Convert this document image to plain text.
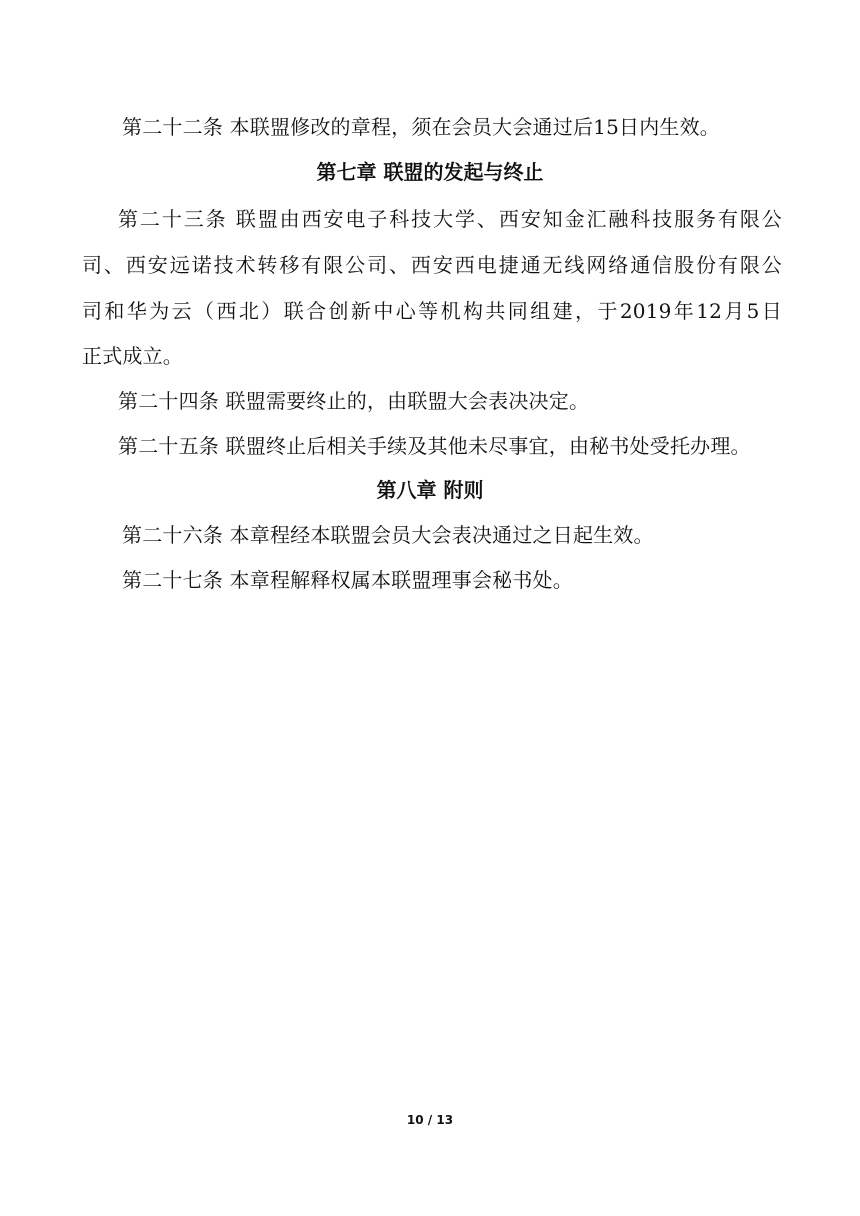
第二十二条 本联盟修改的章程，须在会员大会通过后15日内生效。
第七章 联盟的发起与终止
第二十三条 联盟由西安电子科技大学、西安知金汇融科技服务有限公
司、西安远诺技术转移有限公司、西安西电捷通无线网络通信股份有限公
司和华为云（西北）联合创新中心等机构共同组建，于2019年12月5日
正式成立。
第二十四条 联盟需要终止的，由联盟大会表决决定。
第二十五条 联盟终止后相关手续及其他未尽事宜，由秘书处受托办理。
第八章 附则
第二十六条 本章程经本联盟会员大会表决通过之日起生效。
第二十七条 本章程解释权属本联盟理事会秘书处。
10 / 13
